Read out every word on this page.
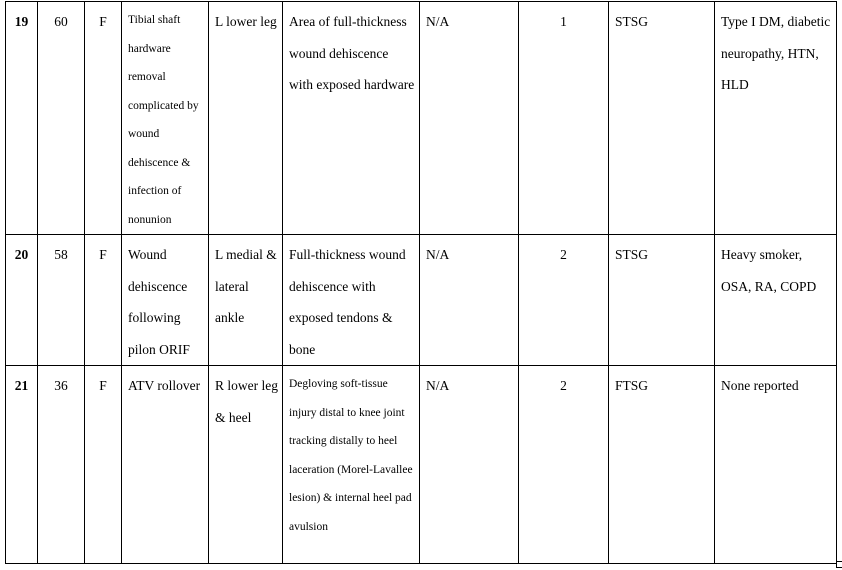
19	60	F	Tibial shaft hardware removal complicated by wound dehiscence & infection of nonunion	L lower leg	Area of full-thickness wound dehiscence with exposed hardware	N/A	1	STSG	Type I DM, diabetic neuropathy, HTN, HLD
20	58	F	Wound dehiscence following pilon ORIF	L medial & lateral ankle	Full-thickness wound dehiscence with exposed tendons & bone	N/A	2	STSG	Heavy smoker, OSA, RA, COPD
21	36	F	ATV rollover	R lower leg & heel	Degloving soft-tissue injury distal to knee joint tracking distally to heel laceration (Morel-Lavallee lesion) & internal heel pad avulsion	N/A	2	FTSG	None reported
